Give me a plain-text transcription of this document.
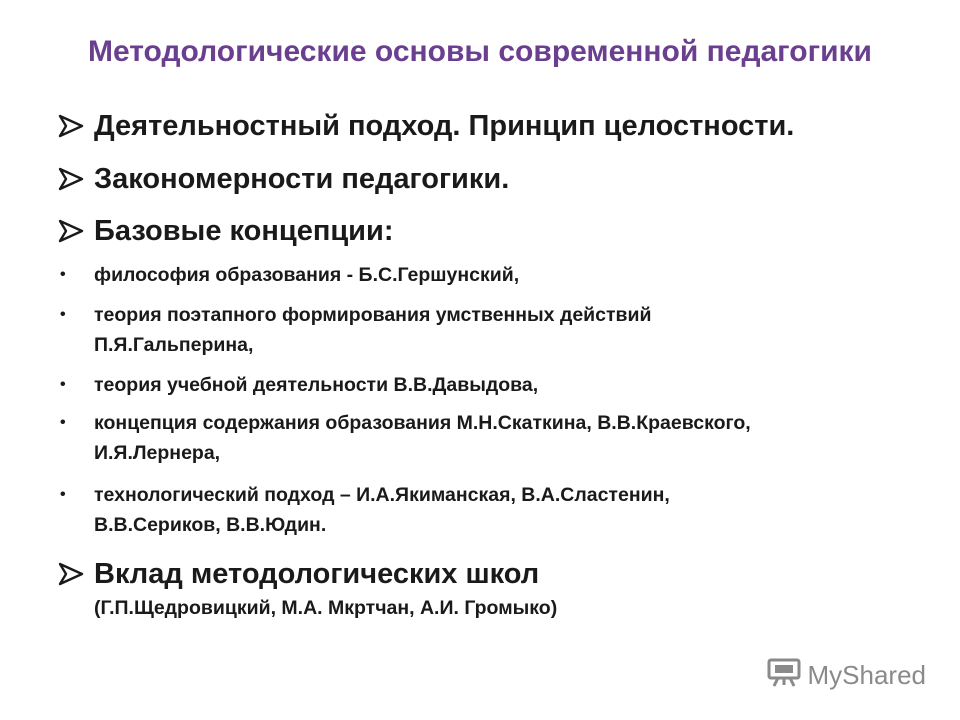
Методологические основы современной педагогики
Деятельностный подход. Принцип целостности.
Закономерности педагогики.
Базовые концепции:
•	философия образования - Б.С.Гершунский,
•	теория поэтапного формирования умственных действий
П.Я.Гальперина,
•	теория учебной деятельности В.В.Давыдова,
•	концепция содержания образования М.Н.Скаткина, В.В.Краевского,
И.Я.Лернера,
•	технологический подход – И.А.Якиманская, В.А.Сластенин,
В.В.Сериков, В.В.Юдин.
Вклад методологических школ
(Г.П.Щедровицкий, М.А. Мкртчан, А.И. Громыко)
MyShared
